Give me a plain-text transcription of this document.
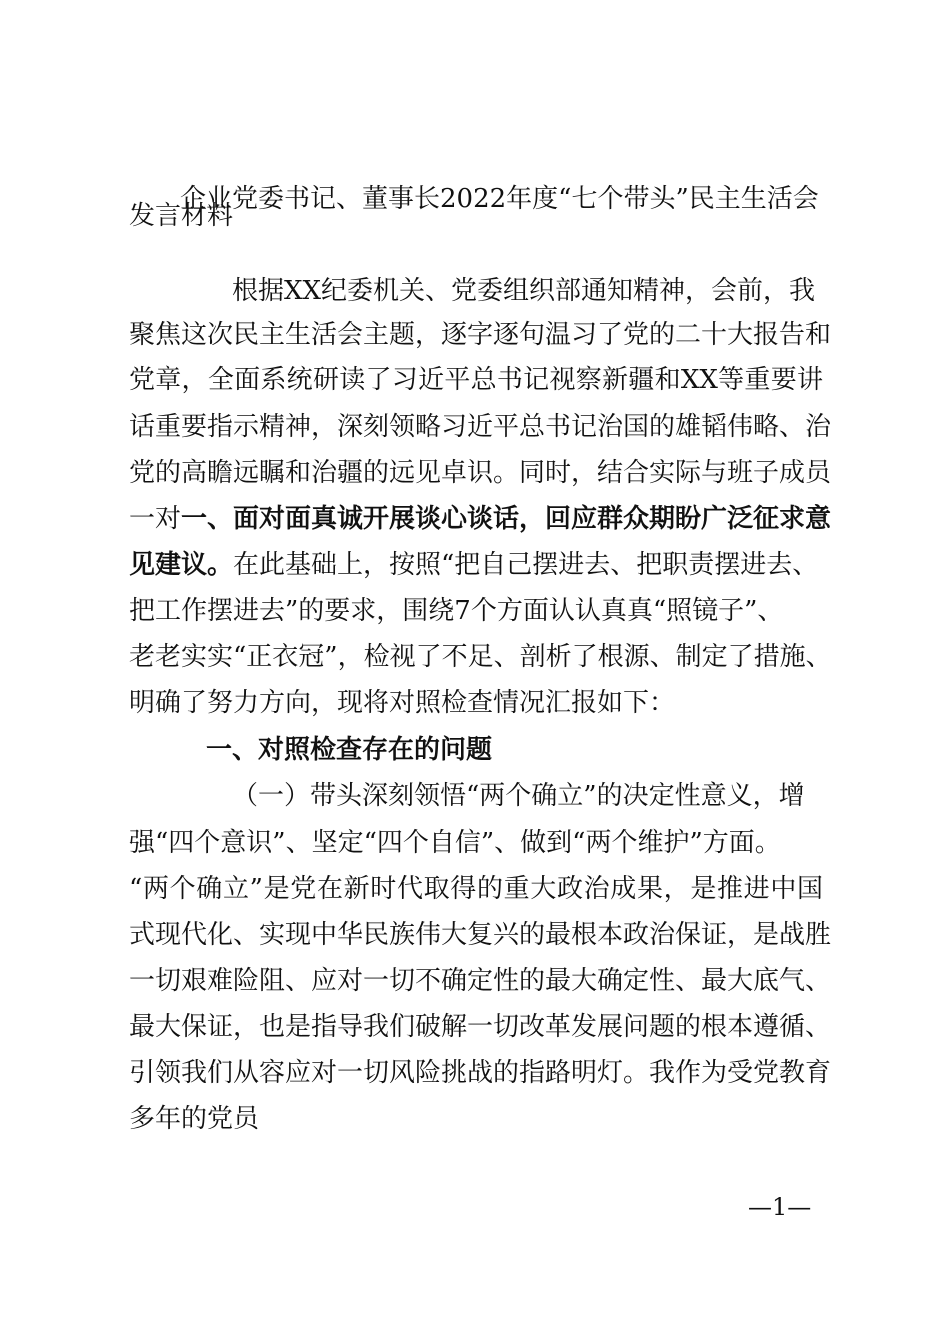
企业党委书记、董事长2022年度“七个带头”民主生活会
发言材料
根据XX纪委机关、党委组织部通知精神，会前，我
聚焦这次民主生活会主题，逐字逐句温习了党的二十大报告和
党章，全面系统研读了习近平总书记视察新疆和XX等重要讲
话重要指示精神，深刻领略习近平总书记治国的雄韬伟略、治
党的高瞻远瞩和治疆的远见卓识。同时，结合实际与班子成员
一对一、面对面真诚开展谈心谈话，回应群众期盼广泛征求意
见建议。在此基础上，按照“把自己摆进去、把职责摆进去、
把工作摆进去”的要求，围绕7个方面认认真真“照镜子”、
老老实实“正衣冠”，检视了不足、剖析了根源、制定了措施、
明确了努力方向，现将对照检查情况汇报如下：
一、对照检查存在的问题
（一）带头深刻领悟“两个确立”的决定性意义，增
强“四个意识”、坚定“四个自信”、做到“两个维护”方面。
“两个确立”是党在新时代取得的重大政治成果，是推进中国
式现代化、实现中华民族伟大复兴的最根本政治保证，是战胜
一切艰难险阻、应对一切不确定性的最大确定性、最大底气、
最大保证，也是指导我们破解一切改革发展问题的根本遵循、
引领我们从容应对一切风险挑战的指路明灯。我作为受党教育
多年的党员
—1—
